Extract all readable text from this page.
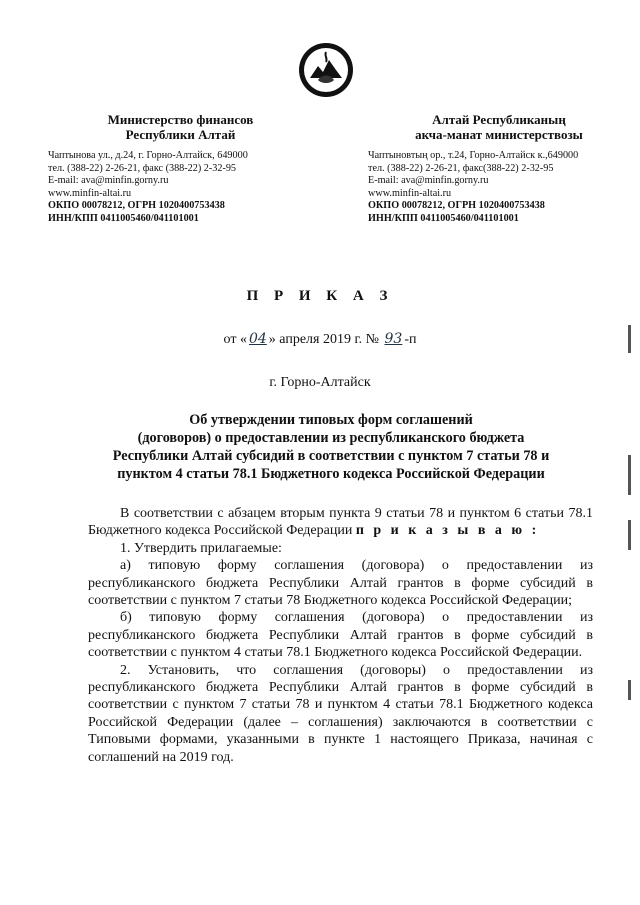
Министерство финансов
Республики Алтай
Чаптынова ул., д.24, г. Горно-Алтайск, 649000
тел. (388-22) 2-26-21, факс (388-22) 2-32-95
E-mail: ava@minfin.gorny.ru
www.minfin-altai.ru
ОКПО 00078212, ОГРН 1020400753438
ИНН/КПП 0411005460/041101001
Алтай Республиканың
акча-манат министерствозы
Чаптыновтың ор., т.24, Горно-Алтайск к.,649000
тел. (388-22) 2-26-21, факс(388-22) 2-32-95
E-mail: ava@minfin.gorny.ru
www.minfin-altai.ru
ОКПО 00078212, ОГРН 1020400753438
ИНН/КПП 0411005460/041101001
П Р И К А З
от « 04 » апреля 2019 г. № 93 -п
г. Горно-Алтайск
Об утверждении типовых форм соглашений
(договоров) о предоставлении из республиканского бюджета
Республики Алтай субсидий в соответствии с пунктом 7 статьи 78 и
пунктом 4 статьи 78.1 Бюджетного кодекса Российской Федерации

В соответствии с абзацем вторым пункта 9 статьи 78 и пунктом 6 статьи 78.1 Бюджетного кодекса Российской Федерации п р и к а з ы в а ю :

1. Утвердить прилагаемые:

а) типовую форму соглашения (договора) о предоставлении из республиканского бюджета Республики Алтай грантов в форме субсидий в соответствии с пунктом 7 статьи 78 Бюджетного кодекса Российской Федерации;

б) типовую форму соглашения (договора) о предоставлении из республиканского бюджета Республики Алтай грантов в форме субсидий в соответствии с пунктом 4 статьи 78.1 Бюджетного кодекса Российской Федерации.

2. Установить, что соглашения (договоры) о предоставлении из республиканского бюджета Республики Алтай грантов в форме субсидий в соответствии с пунктом 7 статьи 78 и пунктом 4 статьи 78.1 Бюджетного кодекса Российской Федерации (далее – соглашения) заключаются в соответствии с Типовыми формами, указанными в пункте 1 настоящего Приказа, начиная с соглашений на 2019 год.
